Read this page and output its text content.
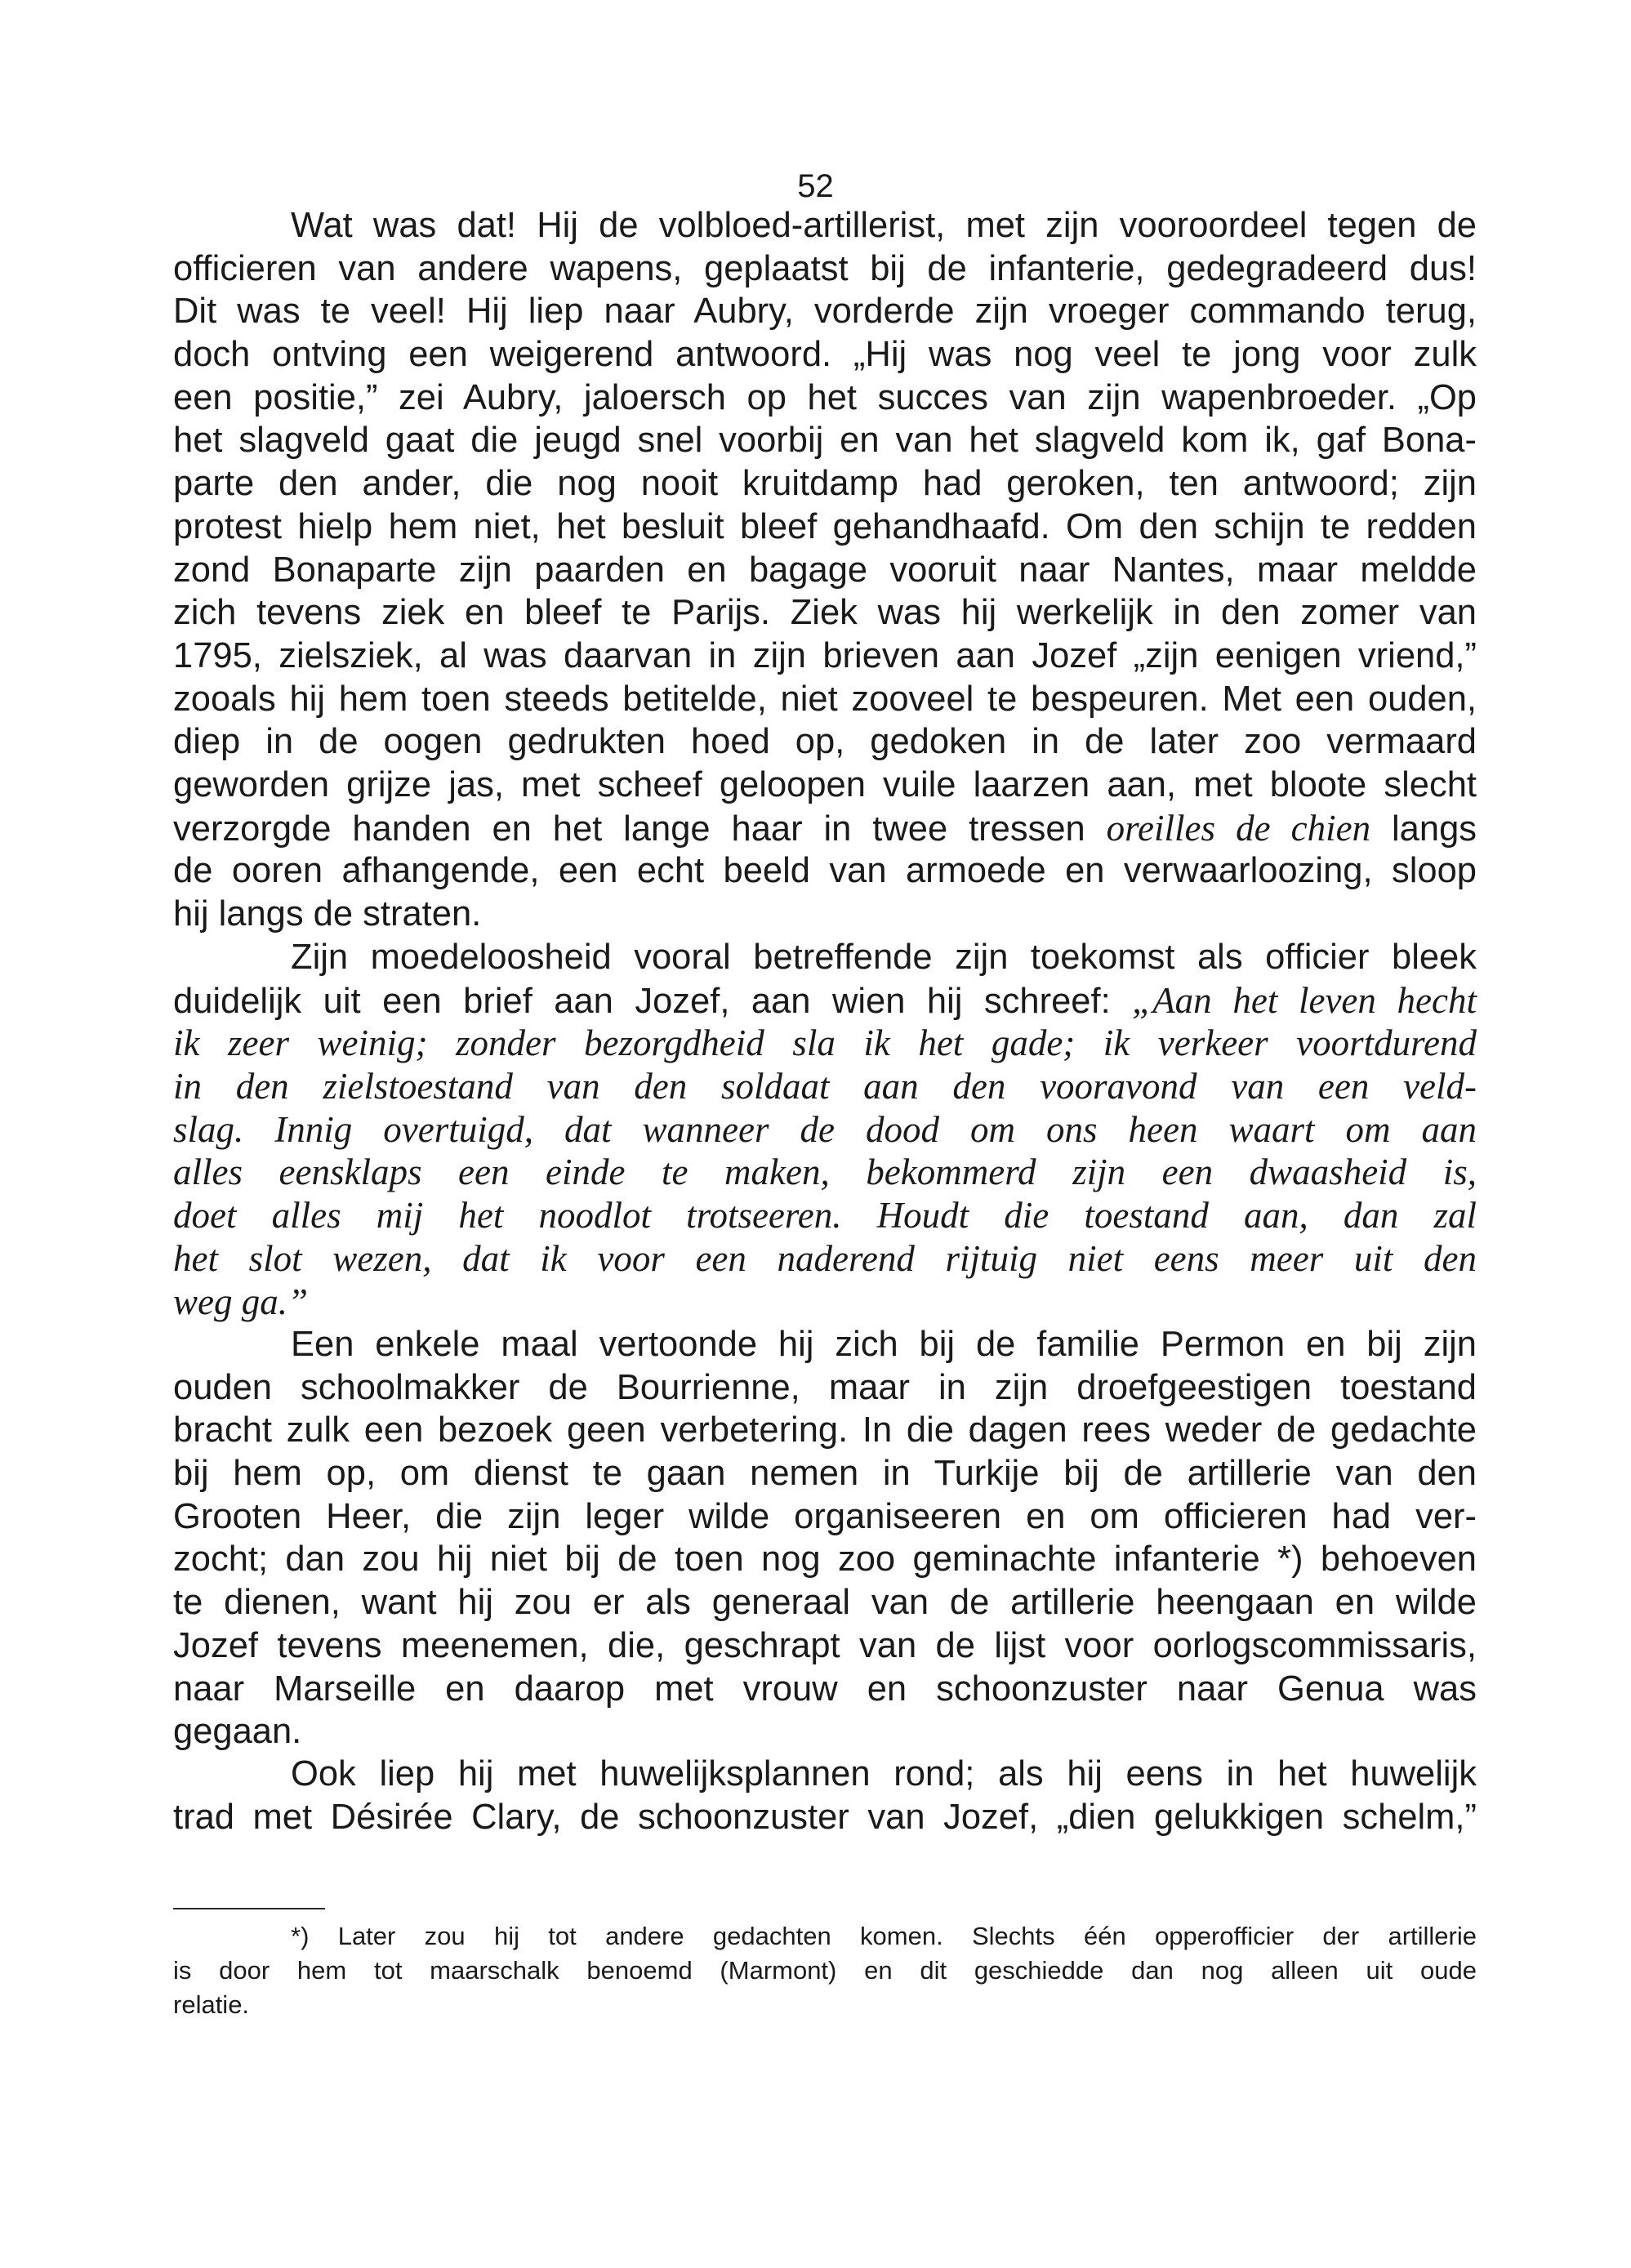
52
Wat was dat! Hij de volbloed-artillerist, met zijn vooroordeel tegen de
officieren van andere wapens, geplaatst bij de infanterie, gedegradeerd dus!
Dit was te veel! Hij liep naar Aubry, vorderde zijn vroeger commando terug,
doch ontving een weigerend antwoord. „Hij was nog veel te jong voor zulk
een positie,” zei Aubry, jaloersch op het succes van zijn wapenbroeder. „Op
het slagveld gaat die jeugd snel voorbij en van het slagveld kom ik, gaf Bona-
parte den ander, die nog nooit kruitdamp had geroken, ten antwoord; zijn
protest hielp hem niet, het besluit bleef gehandhaafd. Om den schijn te redden
zond Bonaparte zijn paarden en bagage vooruit naar Nantes, maar meldde
zich tevens ziek en bleef te Parijs. Ziek was hij werkelijk in den zomer van
1795, zielsziek, al was daarvan in zijn brieven aan Jozef „zijn eenigen vriend,”
zooals hij hem toen steeds betitelde, niet zooveel te bespeuren. Met een ouden,
diep in de oogen gedrukten hoed op, gedoken in de later zoo vermaard
geworden grijze jas, met scheef geloopen vuile laarzen aan, met bloote slecht
verzorgde handen en het lange haar in twee tressen oreilles de chien langs
de ooren afhangende, een echt beeld van armoede en verwaarloozing, sloop
hij langs de straten.
Zijn moedeloosheid vooral betreffende zijn toekomst als officier bleek
duidelijk uit een brief aan Jozef, aan wien hij schreef: „Aan het leven hecht
ik zeer weinig; zonder bezorgdheid sla ik het gade; ik verkeer voortdurend
in den zielstoestand van den soldaat aan den vooravond van een veld-
slag. Innig overtuigd, dat wanneer de dood om ons heen waart om aan
alles eensklaps een einde te maken, bekommerd zijn een dwaasheid is,
doet alles mij het noodlot trotseeren. Houdt die toestand aan, dan zal
het slot wezen, dat ik voor een naderend rijtuig niet eens meer uit den
weg ga.”
Een enkele maal vertoonde hij zich bij de familie Permon en bij zijn
ouden schoolmakker de Bourrienne, maar in zijn droefgeestigen toestand
bracht zulk een bezoek geen verbetering. In die dagen rees weder de gedachte
bij hem op, om dienst te gaan nemen in Turkije bij de artillerie van den
Grooten Heer, die zijn leger wilde organiseeren en om officieren had ver-
zocht; dan zou hij niet bij de toen nog zoo geminachte infanterie *) behoeven
te dienen, want hij zou er als generaal van de artillerie heengaan en wilde
Jozef tevens meenemen, die, geschrapt van de lijst voor oorlogscommissaris,
naar Marseille en daarop met vrouw en schoonzuster naar Genua was
gegaan.
Ook liep hij met huwelijksplannen rond; als hij eens in het huwelijk
trad met Désirée Clary, de schoonzuster van Jozef, „dien gelukkigen schelm,”
*) Later zou hij tot andere gedachten komen. Slechts één opperofficier der artillerie
is door hem tot maarschalk benoemd (Marmont) en dit geschiedde dan nog alleen uit oude
relatie.
